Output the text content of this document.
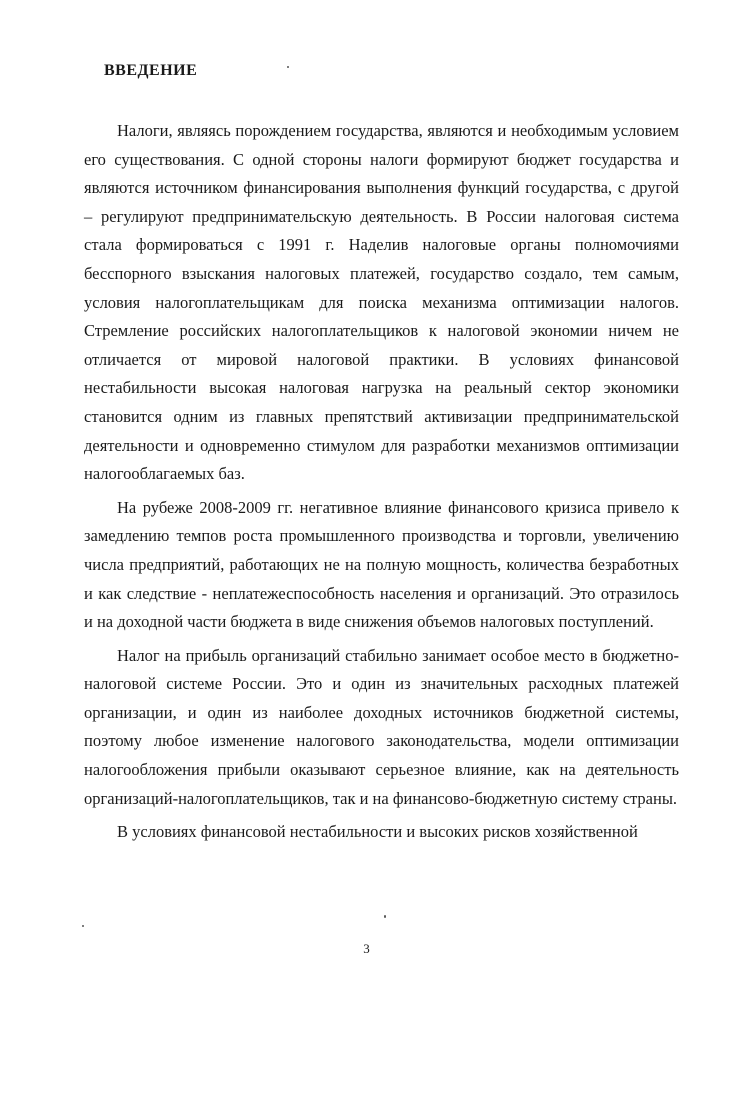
ВВЕДЕНИЕ

Налоги, являясь порождением государства, являются и необходимым условием его существования. С одной стороны налоги формируют бюджет государства и являются источником финансирования выполнения функций государства, с другой – регулируют предпринимательскую деятельность. В России налоговая система стала формироваться с 1991 г. Наделив налоговые органы полномочиями бесспорного взыскания налоговых платежей, государство создало, тем самым, условия налогоплательщикам для поиска механизма оптимизации налогов. Стремление российских налогоплательщиков к налоговой экономии ничем не отличается от мировой налоговой практики. В условиях финансовой нестабильности высокая налоговая нагрузка на реальный сектор экономики становится одним из главных препятствий активизации предпринимательской деятельности и одновременно стимулом для разработки механизмов оптимизации налогооблагаемых баз.

На рубеже 2008-2009 гг. негативное влияние финансового кризиса привело к замедлению темпов роста промышленного производства и торговли, увеличению числа предприятий, работающих не на полную мощность, количества безработных и как следствие - неплатежеспособность населения и организаций. Это отразилось и на доходной части бюджета в виде снижения объемов налоговых поступлений.

Налог на прибыль организаций стабильно занимает особое место в бюджетно-налоговой системе России. Это и один из значительных расходных платежей организации, и один из наиболее доходных источников бюджетной системы, поэтому любое изменение налогового законодательства, модели оптимизации налогообложения прибыли оказывают серьезное влияние, как на деятельность организаций-налогоплательщиков, так и на финансово-бюджетную систему страны.

В условиях финансовой нестабильности и высоких рисков хозяйственной

3
